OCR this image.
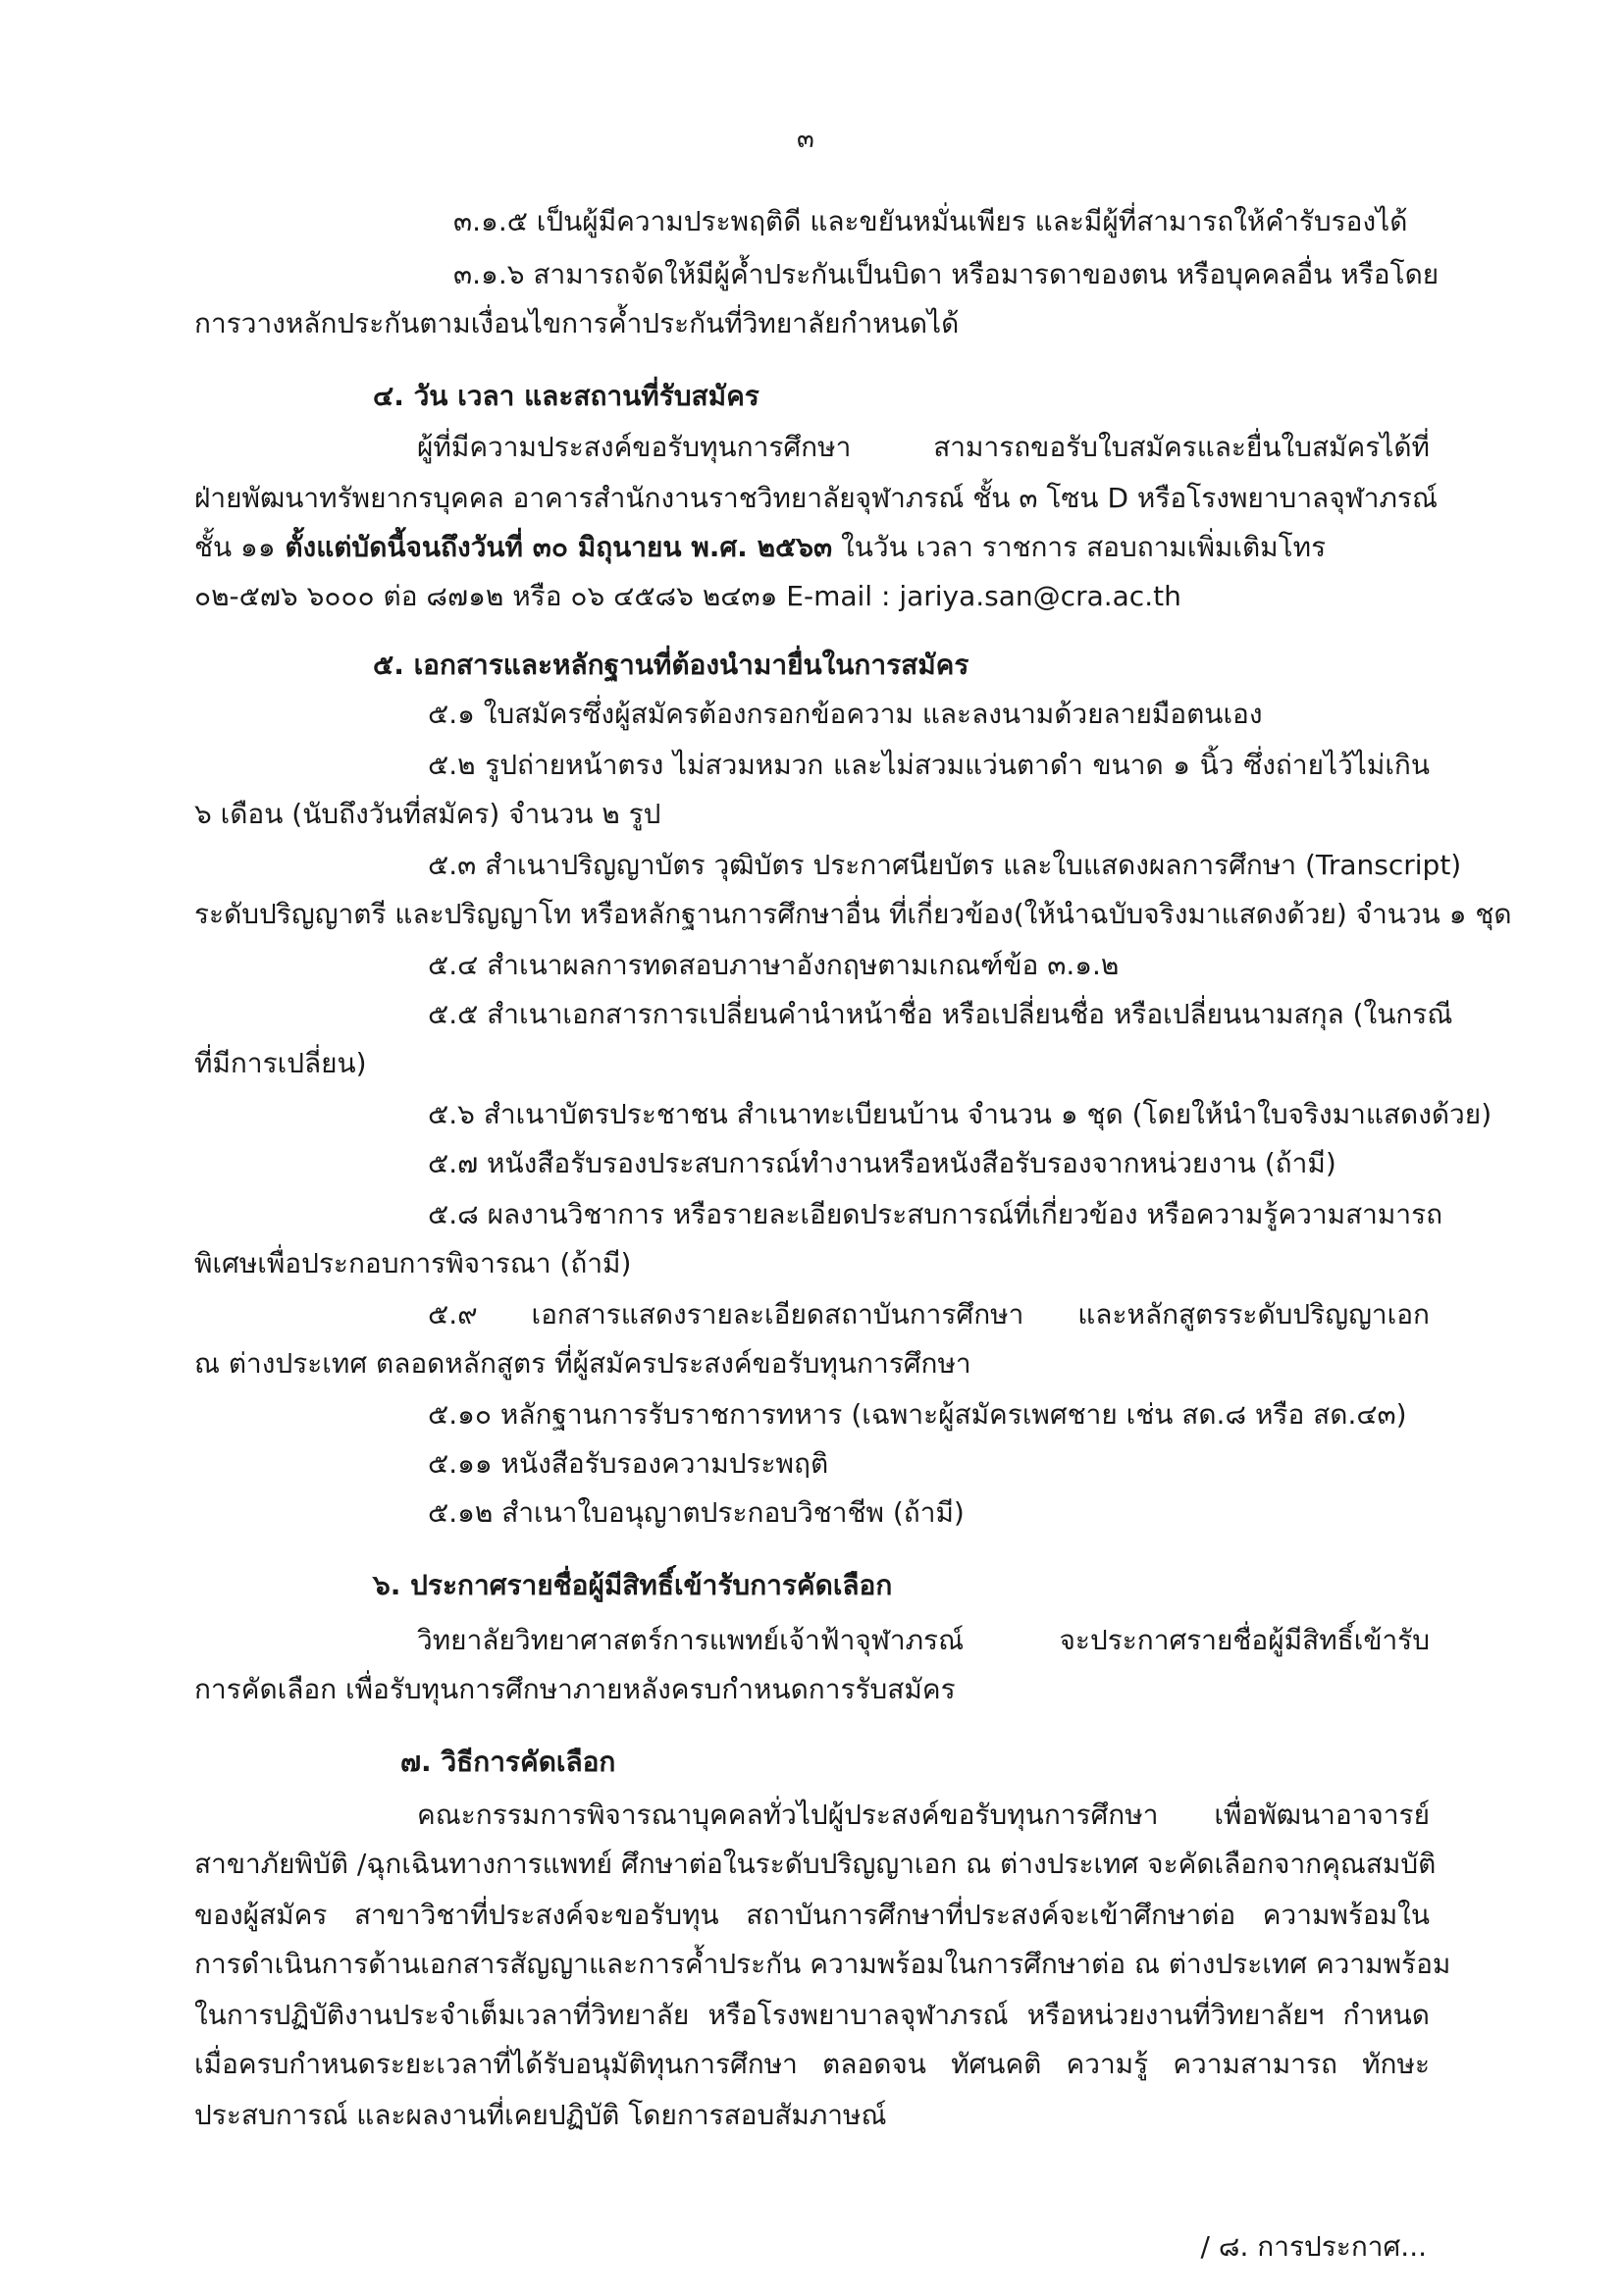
๓
๓.๑.๕ เป็นผู้มีความประพฤติดี และขยันหมั่นเพียร และมีผู้ที่สามารถให้คำรับรองได้
๓.๑.๖ สามารถจัดให้มีผู้ค้ำประกันเป็นบิดา หรือมารดาของตน หรือบุคคลอื่น หรือโดย
การวางหลักประกันตามเงื่อนไขการค้ำประกันที่วิทยาลัยกำหนดได้
๔. วัน เวลา และสถานที่รับสมัคร
ผู้ที่มีความประสงค์ขอรับทุนการศึกษา สามารถขอรับใบสมัครและยื่นใบสมัครได้ที่
ฝ่ายพัฒนาทรัพยากรบุคคล อาคารสำนักงานราชวิทยาลัยจุฬาภรณ์ ชั้น ๓ โซน D หรือโรงพยาบาลจุฬาภรณ์
ชั้น ๑๑ ตั้งแต่บัดนี้จนถึงวันที่ ๓๐ มิถุนายน พ.ศ. ๒๕๖๓ ในวัน เวลา ราชการ สอบถามเพิ่มเติมโทร
๐๒-๕๗๖ ๖๐๐๐ ต่อ ๘๗๑๒ หรือ ๐๖ ๔๕๘๖ ๒๔๓๑ E-mail : jariya.san@cra.ac.th
๕. เอกสารและหลักฐานที่ต้องนำมายื่นในการสมัคร
๕.๑ ใบสมัครซึ่งผู้สมัครต้องกรอกข้อความ และลงนามด้วยลายมือตนเอง
๕.๒ รูปถ่ายหน้าตรง ไม่สวมหมวก และไม่สวมแว่นตาดำ ขนาด ๑ นิ้ว ซึ่งถ่ายไว้ไม่เกิน
๖ เดือน (นับถึงวันที่สมัคร) จำนวน ๒ รูป
๕.๓ สำเนาปริญญาบัตร วุฒิบัตร ประกาศนียบัตร และใบแสดงผลการศึกษา (Transcript)
ระดับปริญญาตรี และปริญญาโท หรือหลักฐานการศึกษาอื่น ที่เกี่ยวข้อง(ให้นำฉบับจริงมาแสดงด้วย) จำนวน ๑ ชุด
๕.๔ สำเนาผลการทดสอบภาษาอังกฤษตามเกณฑ์ข้อ ๓.๑.๒
๕.๕ สำเนาเอกสารการเปลี่ยนคำนำหน้าชื่อ หรือเปลี่ยนชื่อ หรือเปลี่ยนนามสกุล (ในกรณี
ที่มีการเปลี่ยน)
๕.๖ สำเนาบัตรประชาชน สำเนาทะเบียนบ้าน จำนวน ๑ ชุด (โดยให้นำใบจริงมาแสดงด้วย)
๕.๗ หนังสือรับรองประสบการณ์ทำงานหรือหนังสือรับรองจากหน่วยงาน (ถ้ามี)
๕.๘ ผลงานวิชาการ หรือรายละเอียดประสบการณ์ที่เกี่ยวข้อง หรือความรู้ความสามารถ
พิเศษเพื่อประกอบการพิจารณา (ถ้ามี)
๕.๙ เอกสารแสดงรายละเอียดสถาบันการศึกษา และหลักสูตรระดับปริญญาเอก
ณ ต่างประเทศ ตลอดหลักสูตร ที่ผู้สมัครประสงค์ขอรับทุนการศึกษา
๕.๑๐ หลักฐานการรับราชการทหาร (เฉพาะผู้สมัครเพศชาย เช่น สด.๘ หรือ สด.๔๓)
๕.๑๑ หนังสือรับรองความประพฤติ
๕.๑๒ สำเนาใบอนุญาตประกอบวิชาชีพ (ถ้ามี)
๖. ประกาศรายชื่อผู้มีสิทธิ์เข้ารับการคัดเลือก
วิทยาลัยวิทยาศาสตร์การแพทย์เจ้าฟ้าจุฬาภรณ์ จะประกาศรายชื่อผู้มีสิทธิ์เข้ารับ
การคัดเลือก เพื่อรับทุนการศึกษาภายหลังครบกำหนดการรับสมัคร
๗. วิธีการคัดเลือก
คณะกรรมการพิจารณาบุคคลทั่วไปผู้ประสงค์ขอรับทุนการศึกษา เพื่อพัฒนาอาจารย์
สาขาภัยพิบัติ /ฉุกเฉินทางการแพทย์ ศึกษาต่อในระดับปริญญาเอก ณ ต่างประเทศ จะคัดเลือกจากคุณสมบัติ
ของผู้สมัคร สาขาวิชาที่ประสงค์จะขอรับทุน สถาบันการศึกษาที่ประสงค์จะเข้าศึกษาต่อ ความพร้อมใน
การดำเนินการด้านเอกสารสัญญาและการค้ำประกัน ความพร้อมในการศึกษาต่อ ณ ต่างประเทศ ความพร้อม
ในการปฏิบัติงานประจำเต็มเวลาที่วิทยาลัย หรือโรงพยาบาลจุฬาภรณ์ หรือหน่วยงานที่วิทยาลัยฯ กำหนด
เมื่อครบกำหนดระยะเวลาที่ได้รับอนุมัติทุนการศึกษา ตลอดจน ทัศนคติ ความรู้ ความสามารถ ทักษะ
ประสบการณ์ และผลงานที่เคยปฏิบัติ โดยการสอบสัมภาษณ์
/ ๘. การประกาศ...
